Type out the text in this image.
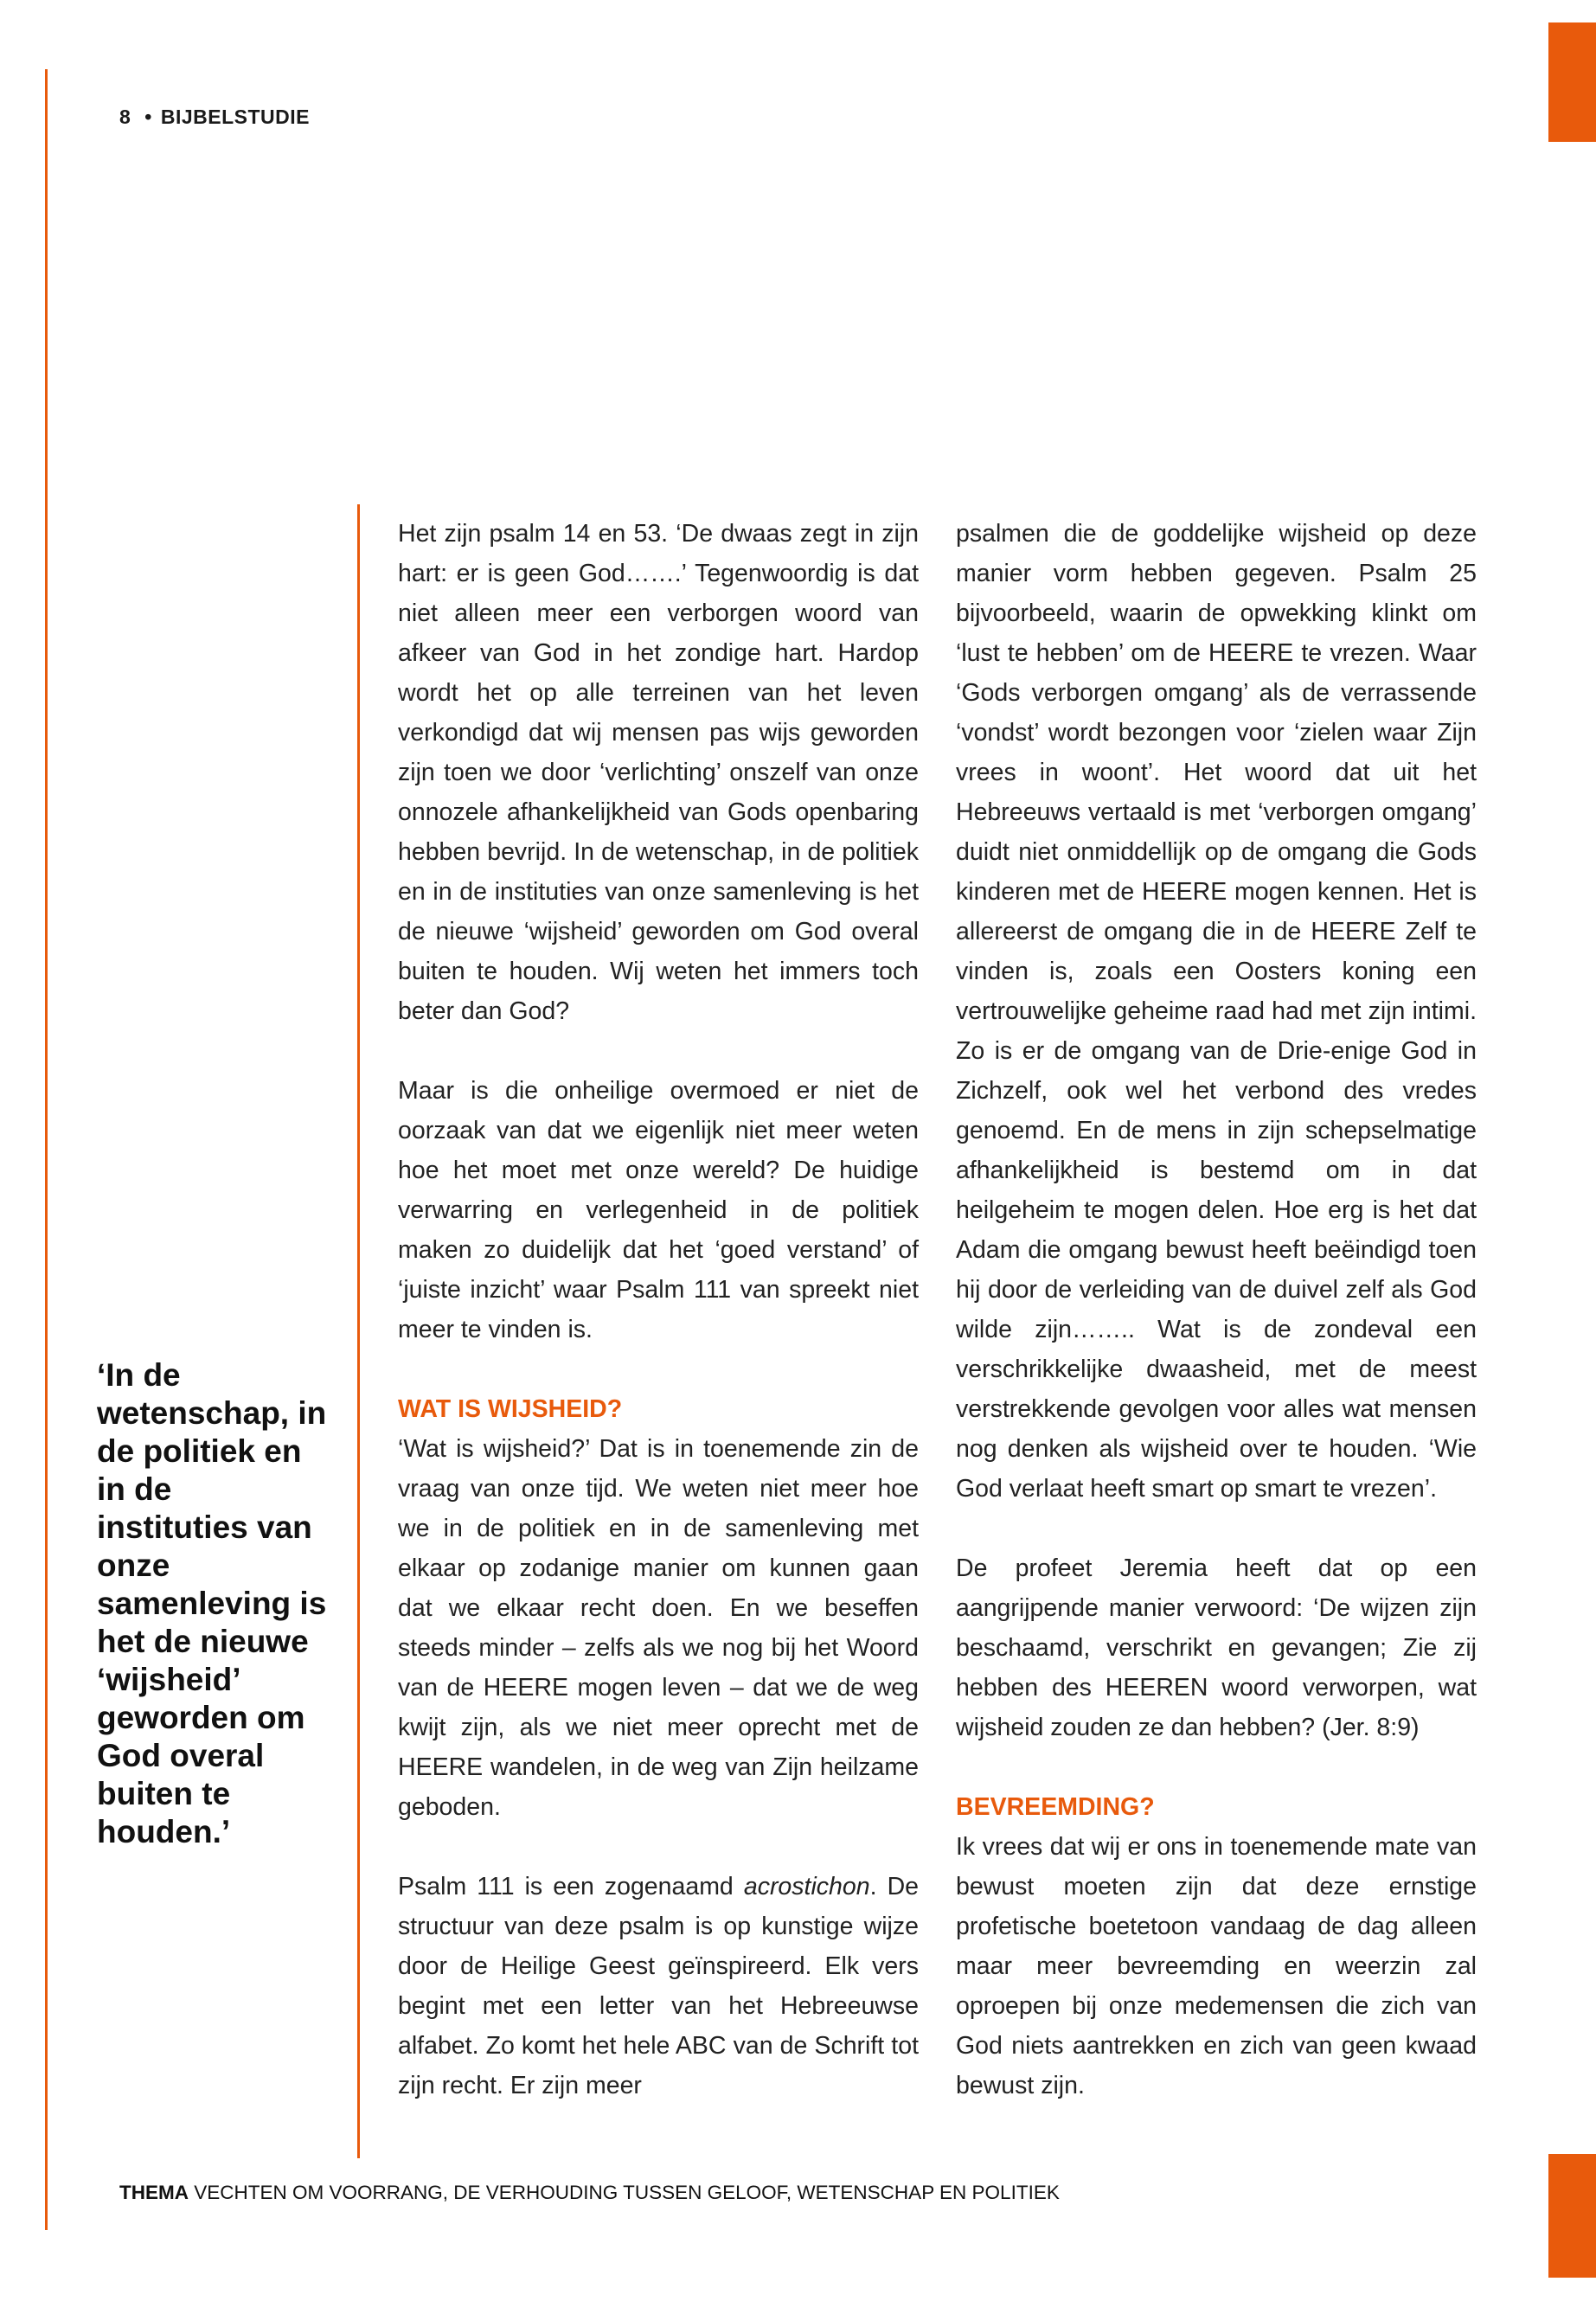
8 • BIJBELSTUDIE
‘In de wetenschap, in de politiek en in de instituties van onze samenleving is het de nieuwe ‘wijsheid’ geworden om God overal buiten te houden.’

Het zijn psalm 14 en 53. ‘De dwaas zegt in zijn hart: er is geen God…….’ Tegenwoordig is dat niet alleen meer een verborgen woord van afkeer van God in het zondige hart. Hardop wordt het op alle terreinen van het leven verkondigd dat wij mensen pas wijs geworden zijn toen we door ‘verlichting’ onszelf van onze onnozele afhankelijkheid van Gods openbaring hebben bevrijd. In de wetenschap, in de politiek en in de instituties van onze samenleving is het de nieuwe ‘wijsheid’ geworden om God overal buiten te houden. Wij weten het immers toch beter dan God?

Maar is die onheilige overmoed er niet de oorzaak van dat we eigenlijk niet meer weten hoe het moet met onze wereld? De huidige verwarring en verlegenheid in de politiek maken zo duidelijk dat het ‘goed verstand’ of ‘juiste inzicht’ waar Psalm 111 van spreekt niet meer te vinden is.

WAT IS WIJSHEID?

‘Wat is wijsheid?’ Dat is in toenemende zin de vraag van onze tijd. We weten niet meer hoe we in de politiek en in de samenleving met elkaar op zodanige manier om kunnen gaan dat we elkaar recht doen. En we beseffen steeds minder – zelfs als we nog bij het Woord van de HEERE mogen leven – dat we de weg kwijt zijn, als we niet meer oprecht met de HEERE wandelen, in de weg van Zijn heilzame geboden.

Psalm 111 is een zogenaamd acrostichon. De structuur van deze psalm is op kunstige wijze door de Heilige Geest geïnspireerd. Elk vers begint met een letter van het Hebreeuwse alfabet. Zo komt het hele ABC van de Schrift tot zijn recht. Er zijn meer

psalmen die de goddelijke wijsheid op deze manier vorm hebben gegeven. Psalm 25 bijvoorbeeld, waarin de opwekking klinkt om ‘lust te hebben’ om de HEERE te vrezen. Waar ‘Gods verborgen omgang’ als de verrassende ‘vondst’ wordt bezongen voor ‘zielen waar Zijn vrees in woont’. Het woord dat uit het Hebreeuws vertaald is met ‘verborgen omgang’ duidt niet onmiddellijk op de omgang die Gods kinderen met de HEERE mogen kennen. Het is allereerst de omgang die in de HEERE Zelf te vinden is, zoals een Oosters koning een vertrouwelijke geheime raad had met zijn intimi. Zo is er de omgang van de Drie-enige God in Zichzelf, ook wel het verbond des vredes genoemd. En de mens in zijn schepselmatige afhankelijkheid is bestemd om in dat heilgeheim te mogen delen. Hoe erg is het dat Adam die omgang bewust heeft beëindigd toen hij door de verleiding van de duivel zelf als God wilde zijn…….. Wat is de zondeval een verschrikkelijke dwaasheid, met de meest verstrekkende gevolgen voor alles wat mensen nog denken als wijsheid over te houden. ‘Wie God verlaat heeft smart op smart te vrezen’.

De profeet Jeremia heeft dat op een aangrijpende manier verwoord: ‘De wijzen zijn beschaamd, verschrikt en gevangen; Zie zij hebben des HEEREN woord verworpen, wat wijsheid zouden ze dan hebben? (Jer. 8:9)

BEVREEMDING?

Ik vrees dat wij er ons in toenemende mate van bewust moeten zijn dat deze ernstige profetische boetetoon vandaag de dag alleen maar meer bevreemding en weerzin zal oproepen bij onze medemensen die zich van God niets aantrekken en zich van geen kwaad bewust zijn.

THEMA VECHTEN OM VOORRANG, DE VERHOUDING TUSSEN GELOOF, WETENSCHAP EN POLITIEK
